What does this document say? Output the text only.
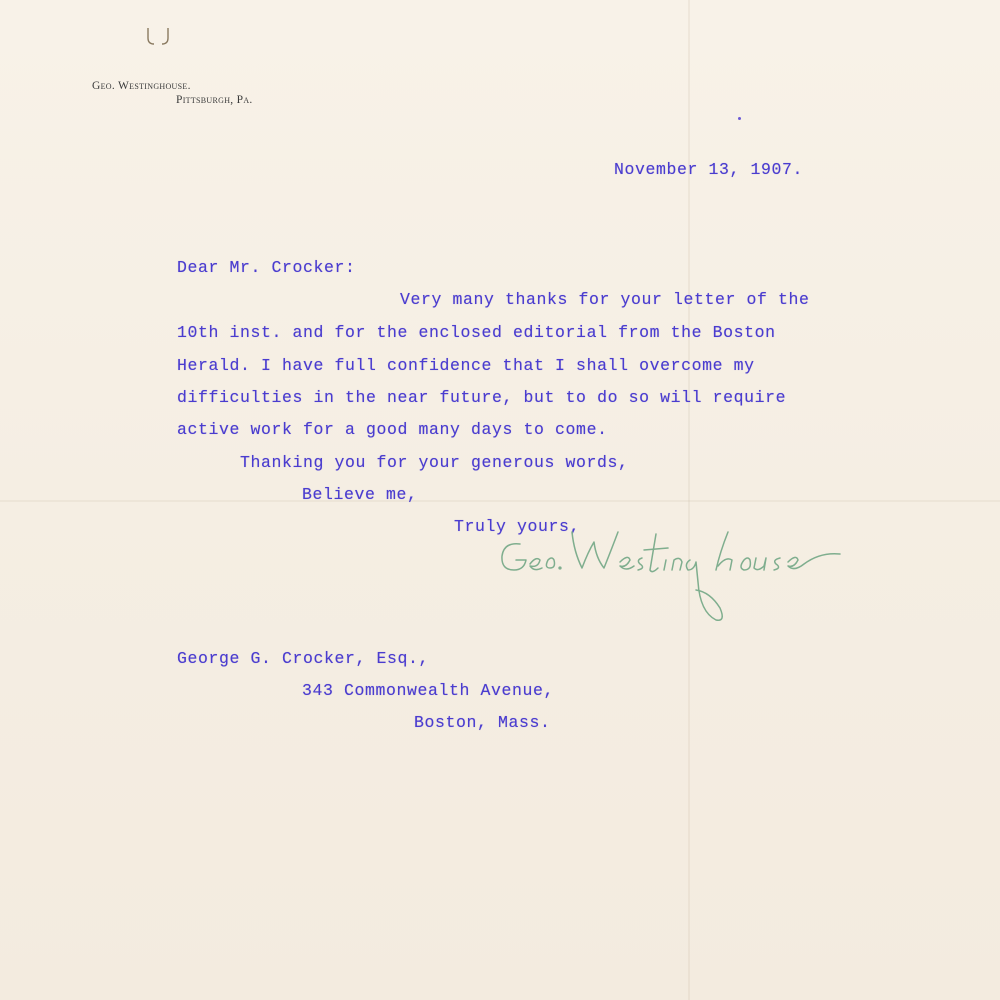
Geo. Westinghouse.
Pittsburgh, Pa.
November 13, 1907.
Dear Mr. Crocker:
Very many thanks for your letter of the
10th inst. and for the enclosed editorial from the Boston
Herald. I have full confidence that I shall overcome my
difficulties in the near future, but to do so will require
active work for a good many days to come.
Thanking you for your generous words,
Believe me,
Truly yours,
George G. Crocker, Esq.,
343 Commonwealth Avenue,
Boston, Mass.
